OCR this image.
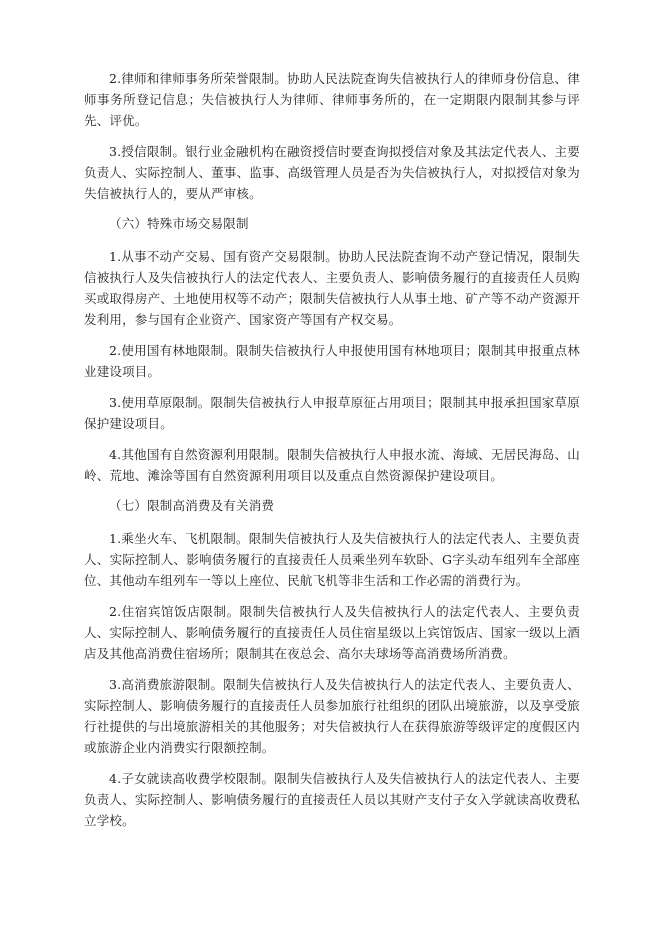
2.律师和律师事务所荣誉限制。协助人民法院查询失信被执行人的律师身份信息、律师事务所登记信息；失信被执行人为律师、律师事务所的，在一定期限内限制其参与评先、评优。

3.授信限制。银行业金融机构在融资授信时要查询拟授信对象及其法定代表人、主要负责人、实际控制人、董事、监事、高级管理人员是否为失信被执行人，对拟授信对象为失信被执行人的，要从严审核。

（六）特殊市场交易限制

1.从事不动产交易、国有资产交易限制。协助人民法院查询不动产登记情况，限制失信被执行人及失信被执行人的法定代表人、主要负责人、影响债务履行的直接责任人员购买或取得房产、土地使用权等不动产；限制失信被执行人从事土地、矿产等不动产资源开发利用，参与国有企业资产、国家资产等国有产权交易。

2.使用国有林地限制。限制失信被执行人申报使用国有林地项目；限制其申报重点林业建设项目。

3.使用草原限制。限制失信被执行人申报草原征占用项目；限制其申报承担国家草原保护建设项目。

4.其他国有自然资源利用限制。限制失信被执行人申报水流、海域、无居民海岛、山岭、荒地、滩涂等国有自然资源利用项目以及重点自然资源保护建设项目。

（七）限制高消费及有关消费

1.乘坐火车、飞机限制。限制失信被执行人及失信被执行人的法定代表人、主要负责人、实际控制人、影响债务履行的直接责任人员乘坐列车软卧、G字头动车组列车全部座位、其他动车组列车一等以上座位、民航飞机等非生活和工作必需的消费行为。

2.住宿宾馆饭店限制。限制失信被执行人及失信被执行人的法定代表人、主要负责人、实际控制人、影响债务履行的直接责任人员住宿星级以上宾馆饭店、国家一级以上酒店及其他高消费住宿场所；限制其在夜总会、高尔夫球场等高消费场所消费。

3.高消费旅游限制。限制失信被执行人及失信被执行人的法定代表人、主要负责人、实际控制人、影响债务履行的直接责任人员参加旅行社组织的团队出境旅游，以及享受旅行社提供的与出境旅游相关的其他服务；对失信被执行人在获得旅游等级评定的度假区内或旅游企业内消费实行限额控制。

4.子女就读高收费学校限制。限制失信被执行人及失信被执行人的法定代表人、主要负责人、实际控制人、影响债务履行的直接责任人员以其财产支付子女入学就读高收费私立学校。
